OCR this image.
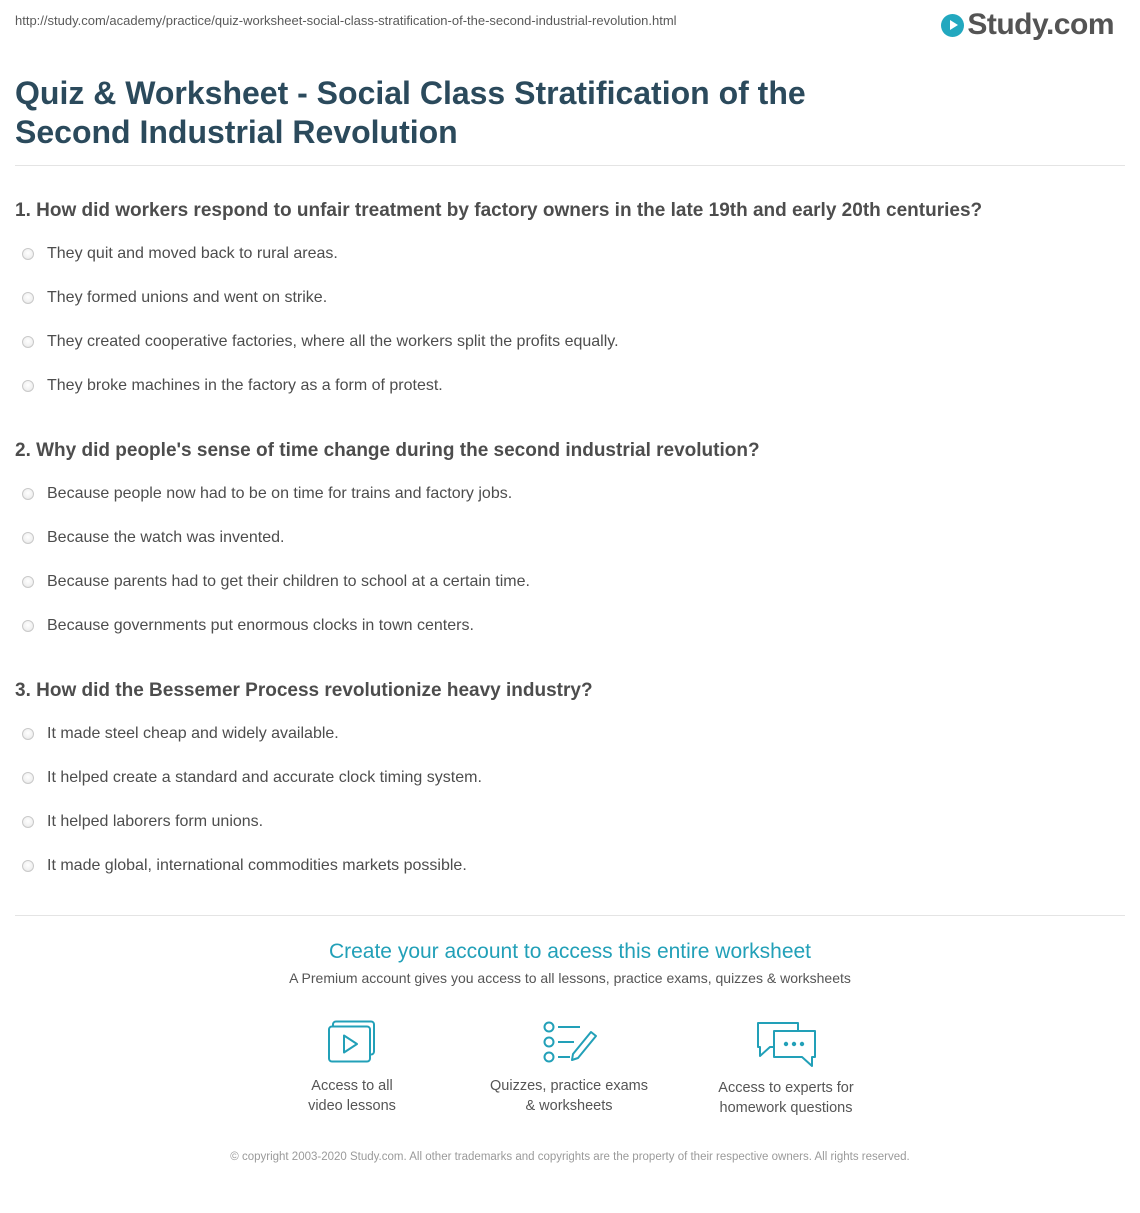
http://study.com/academy/practice/quiz-worksheet-social-class-stratification-of-the-second-industrial-revolution.html	Study.com
Quiz & Worksheet - Social Class Stratification of the Second Industrial Revolution
1. How did workers respond to unfair treatment by factory owners in the late 19th and early 20th centuries?
They quit and moved back to rural areas.
They formed unions and went on strike.
They created cooperative factories, where all the workers split the profits equally.
They broke machines in the factory as a form of protest.
2. Why did people's sense of time change during the second industrial revolution?
Because people now had to be on time for trains and factory jobs.
Because the watch was invented.
Because parents had to get their children to school at a certain time.
Because governments put enormous clocks in town centers.
3. How did the Bessemer Process revolutionize heavy industry?
It made steel cheap and widely available.
It helped create a standard and accurate clock timing system.
It helped laborers form unions.
It made global, international commodities markets possible.
Create your account to access this entire worksheet
A Premium account gives you access to all lessons, practice exams, quizzes & worksheets
Access to all
video lessons
Quizzes, practice exams
& worksheets
Access to experts for
homework questions
© copyright 2003-2020 Study.com. All other trademarks and copyrights are the property of their respective owners. All rights reserved.
